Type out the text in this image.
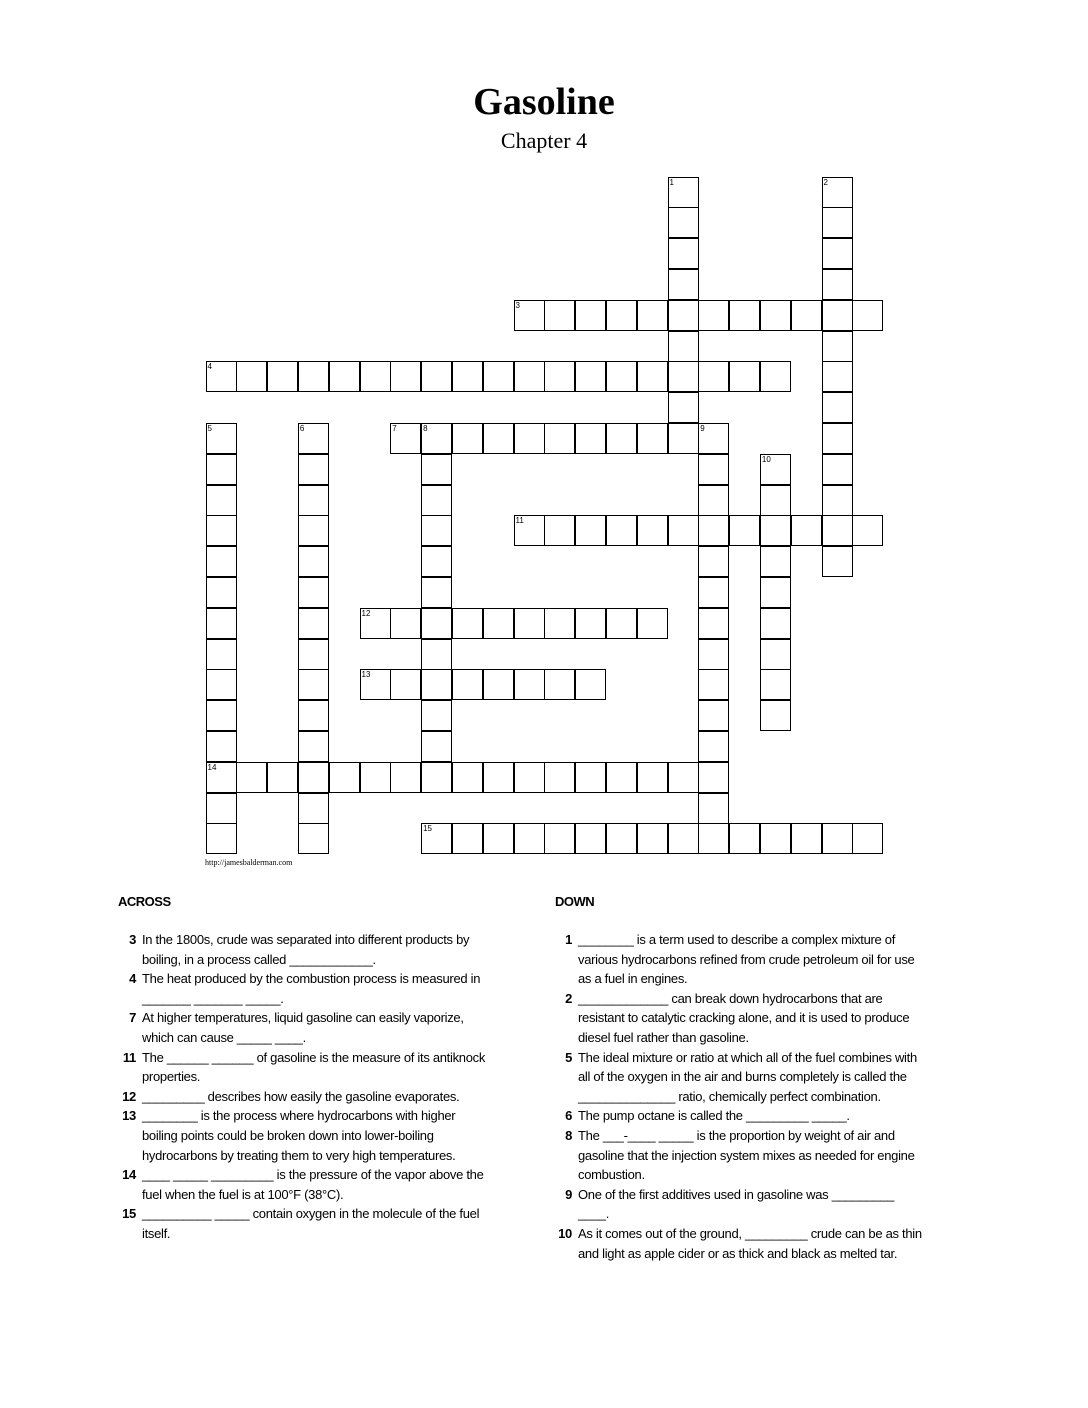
Gasoline
Chapter 4
1	2
3
4
5
14
6	7	8	9
10
11
12
13
15
http://jamesbalderman.com
ACROSS	DOWN
3 In the 1800s, crude was separated into different products by boiling, in a process called ____________.
4 The heat produced by the combustion process is measured in _______ _______ _____.
7 At higher temperatures, liquid gasoline can easily vaporize, which can cause _____ ____.
11 The ______ ______ of gasoline is the measure of its antiknock properties.
12 _________ describes how easily the gasoline evaporates.
13 ________ is the process where hydrocarbons with higher boiling points could be broken down into lower-boiling hydrocarbons by treating them to very high temperatures.
14 ____ _____ _________ is the pressure of the vapor above the fuel when the fuel is at 100°F (38°C).
15 __________ _____ contain oxygen in the molecule of the fuel itself.
1 ________ is a term used to describe a complex mixture of various hydrocarbons refined from crude petroleum oil for use as a fuel in engines.
2 _____________ can break down hydrocarbons that are resistant to catalytic cracking alone, and it is used to produce diesel fuel rather than gasoline.
5 The ideal mixture or ratio at which all of the fuel combines with all of the oxygen in the air and burns completely is called the ______________ ratio, chemically perfect combination.
6 The pump octane is called the _________ _____.
8 The ___-____ _____ is the proportion by weight of air and gasoline that the injection system mixes as needed for engine combustion.
9 One of the first additives used in gasoline was _________ ____.
10 As it comes out of the ground, _________ crude can be as thin and light as apple cider or as thick and black as melted tar.
